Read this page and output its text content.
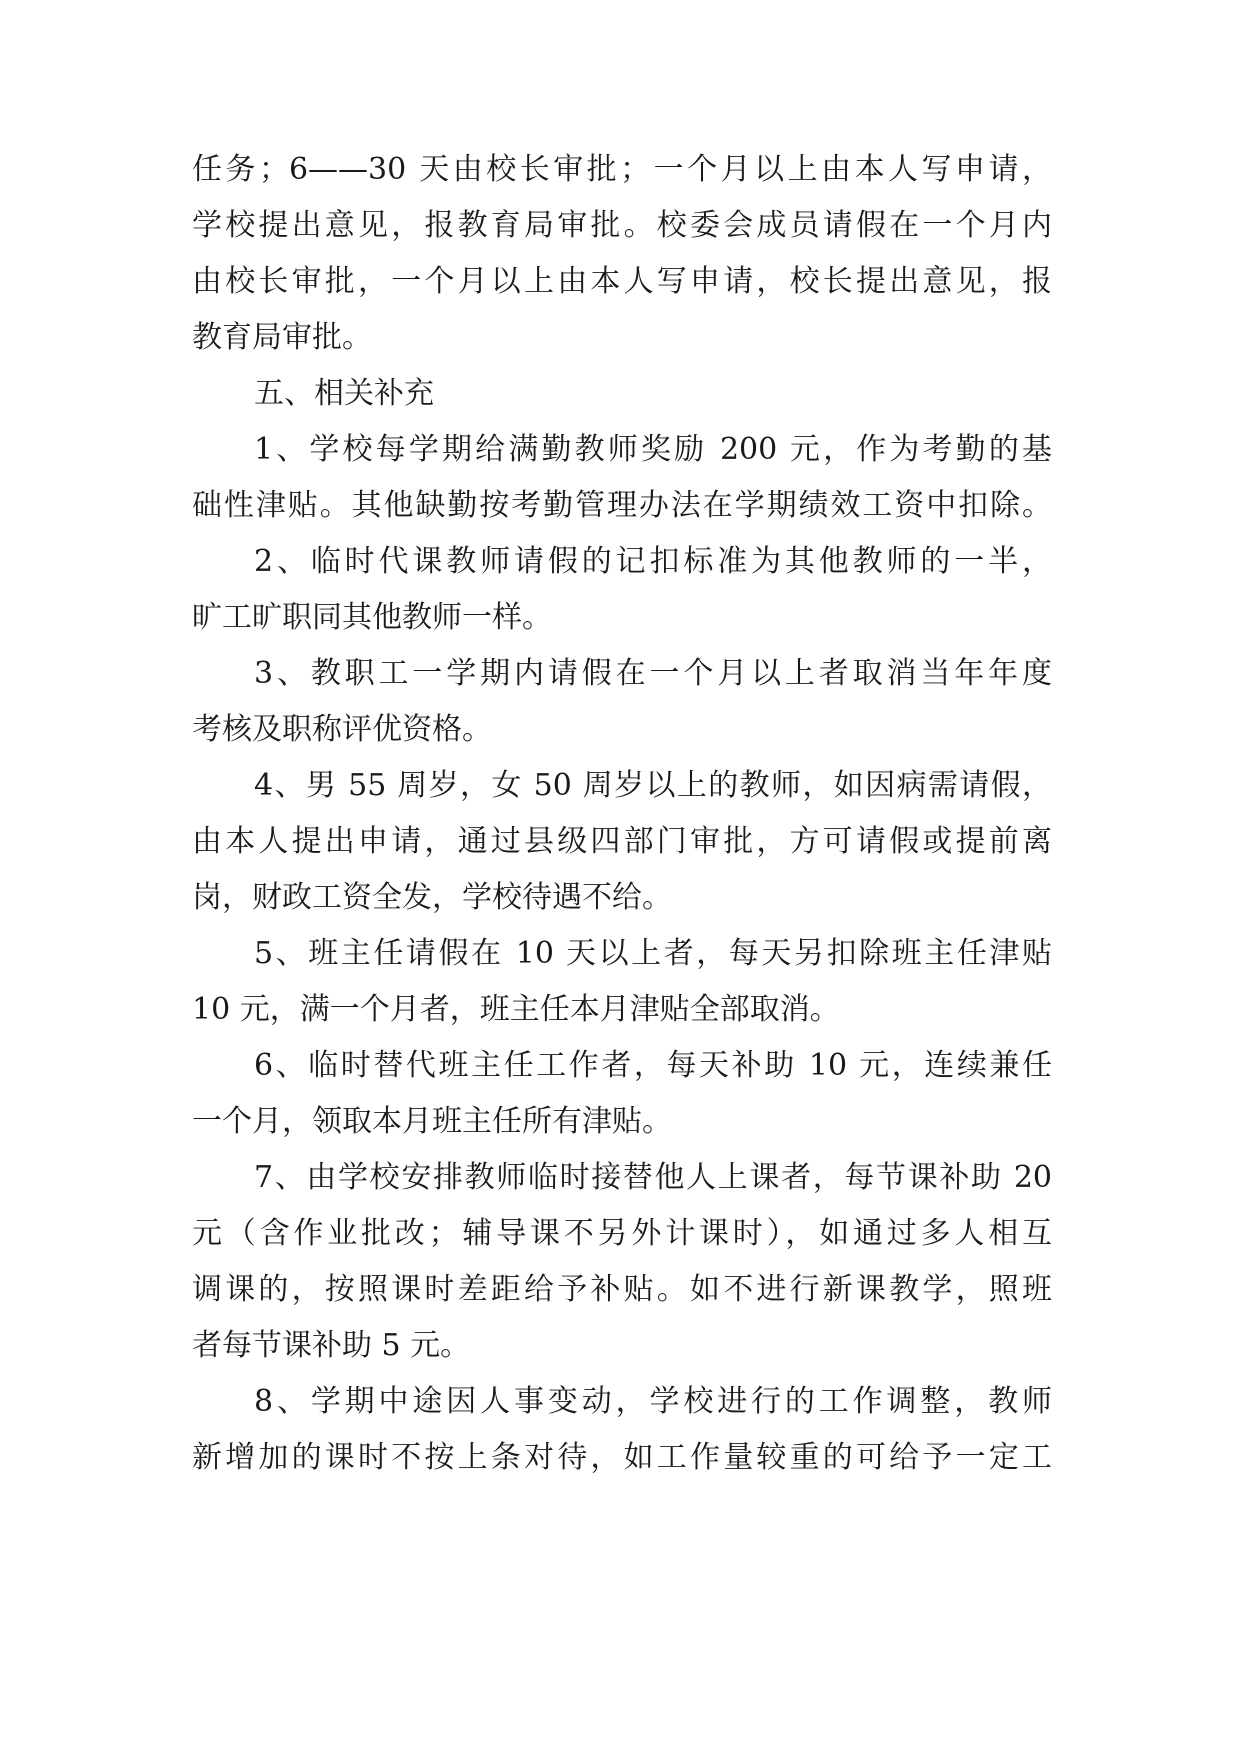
任务；6——30 天由校长审批；一个月以上由本人写申请，
学校提出意见，报教育局审批。校委会成员请假在一个月内
由校长审批，一个月以上由本人写申请，校长提出意见，报
教育局审批。
五、相关补充
1、学校每学期给满勤教师奖励 200 元，作为考勤的基
础性津贴。其他缺勤按考勤管理办法在学期绩效工资中扣除。
2、临时代课教师请假的记扣标准为其他教师的一半，
旷工旷职同其他教师一样。
3、教职工一学期内请假在一个月以上者取消当年年度
考核及职称评优资格。
4、男 55 周岁，女 50 周岁以上的教师，如因病需请假，
由本人提出申请，通过县级四部门审批，方可请假或提前离
岗，财政工资全发，学校待遇不给。
5、班主任请假在 10 天以上者，每天另扣除班主任津贴
10 元，满一个月者，班主任本月津贴全部取消。
6、临时替代班主任工作者，每天补助 10 元，连续兼任
一个月，领取本月班主任所有津贴。
7、由学校安排教师临时接替他人上课者，每节课补助 20
元（含作业批改；辅导课不另外计课时），如通过多人相互
调课的，按照课时差距给予补贴。如不进行新课教学，照班
者每节课补助 5 元。
8、学期中途因人事变动，学校进行的工作调整，教师
新增加的课时不按上条对待，如工作量较重的可给予一定工
